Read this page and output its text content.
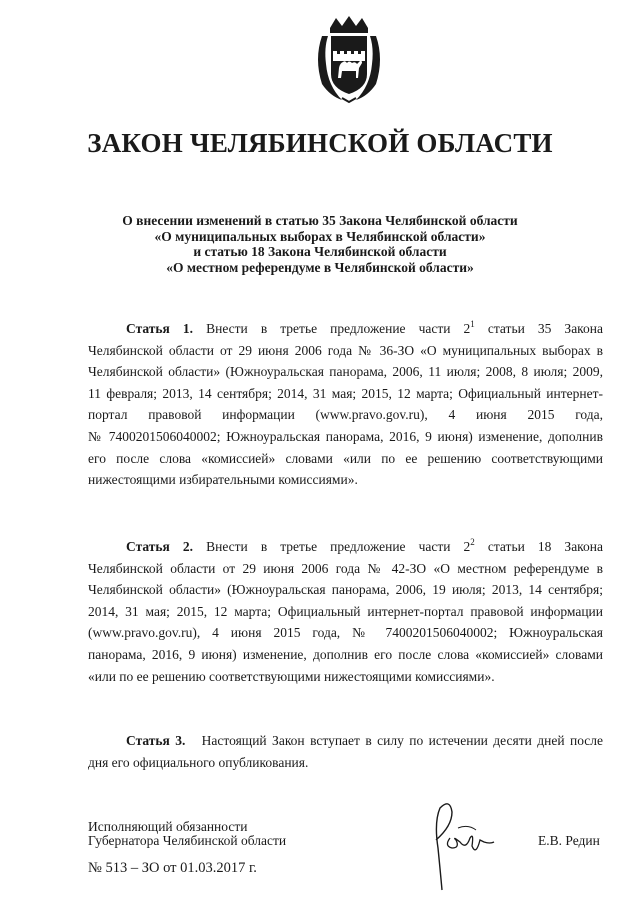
ЗАКОН ЧЕЛЯБИНСКОЙ ОБЛАСТИ
О внесении изменений в статью 35 Закона Челябинской области
«О муниципальных выборах в Челябинской области»
и статью 18 Закона Челябинской области
«О местном референдуме в Челябинской области»
Статья 1. Внести в третье предложение части $2^1$ статьи 35 Закона
Челябинской области от 29 июня 2006 года № 36-ЗО «О муниципальных выборах в
Челябинской области» (Южноуральская панорама, 2006, 11 июля; 2008, 8 июля; 2009,
11 февраля; 2013, 14 сентября; 2014, 31 мая; 2015, 12 марта; Официальный интернет-
портал правовой информации (www.pravo.gov.ru), 4 июня 2015 года,
№ 7400201506040002; Южноуральская панорама, 2016, 9 июня) изменение, дополнив
его после слова «комиссией» словами «или по ее решению соответствующими
нижестоящими избирательными комиссиями».
Статья 2. Внести в третье предложение части $2^2$ статьи 18 Закона
Челябинской области от 29 июня 2006 года № 42-ЗО «О местном референдуме в
Челябинской области» (Южноуральская панорама, 2006, 19 июля; 2013, 14 сентября;
2014, 31 мая; 2015, 12 марта; Официальный интернет-портал правовой информации
(www.pravo.gov.ru), 4 июня 2015 года, № 7400201506040002; Южноуральская
панорама, 2016, 9 июня) изменение, дополнив его после слова «комиссией» словами
«или по ее решению соответствующими нижестоящими комиссиями».
Статья 3. Настоящий Закон вступает в силу по истечении десяти дней после
дня его официального опубликования.
Исполняющий обязанности
Губернатора Челябинской области	Е.В. Редин
№ 513 – ЗО от 01.03.2017 г.
